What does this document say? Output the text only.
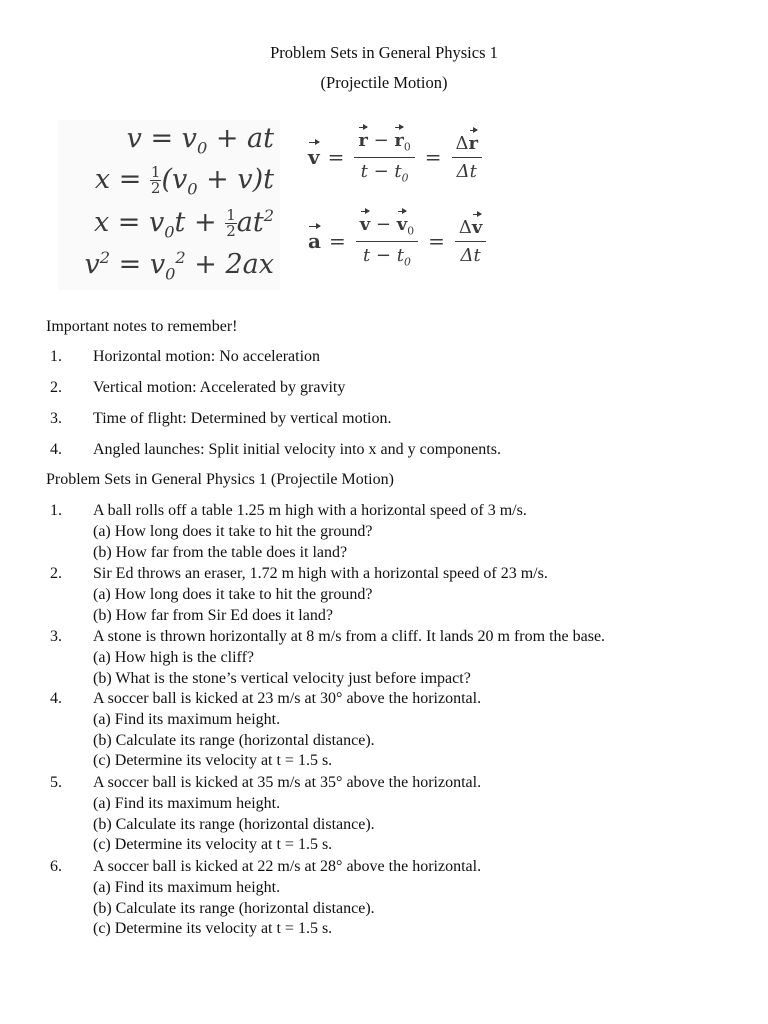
Problem Sets in General Physics 1
(Projectile Motion)
$v = v_0$ + at
$x = \frac{1}{2} (v_0 + v)t$
$x = v_0t + \frac{1}{2} at^2$
$v^2 = v_0^2 + 2ax$
$v = \frac{r - r_0}{t - t_0} = \frac{\Delta r}{\Delta t}$
$a = \frac{v - v_0}{t - t_0} = \frac{\Delta v}{\Delta t}$
Important notes to remember!
1. Horizontal motion: No acceleration
2. Vertical motion: Accelerated by gravity
3. Time of flight: Determined by vertical motion.
4. Angled launches: Split initial velocity into x and y components.
Problem Sets in General Physics 1 (Projectile Motion)
1. A ball rolls off a table 1.25 m high with a horizontal speed of 3 m/s.
(a) How long does it take to hit the ground?
(b) How far from the table does it land?
2. Sir Ed throws an eraser, 1.72 m high with a horizontal speed of 23 m/s.
(a) How long does it take to hit the ground?
(b) How far from Sir Ed does it land?
3. A stone is thrown horizontally at 8 m/s from a cliff. It lands 20 m from the base.
(a) How high is the cliff?
(b) What is the stone’s vertical velocity just before impact?
4. A soccer ball is kicked at 23 m/s at 30° above the horizontal.
(a) Find its maximum height.
(b) Calculate its range (horizontal distance).
(c) Determine its velocity at t = 1.5 s.
5. A soccer ball is kicked at 35 m/s at 35° above the horizontal.
(a) Find its maximum height.
(b) Calculate its range (horizontal distance).
(c) Determine its velocity at t = 1.5 s.
6. A soccer ball is kicked at 22 m/s at 28° above the horizontal.
(a) Find its maximum height.
(b) Calculate its range (horizontal distance).
(c) Determine its velocity at t = 1.5 s.
